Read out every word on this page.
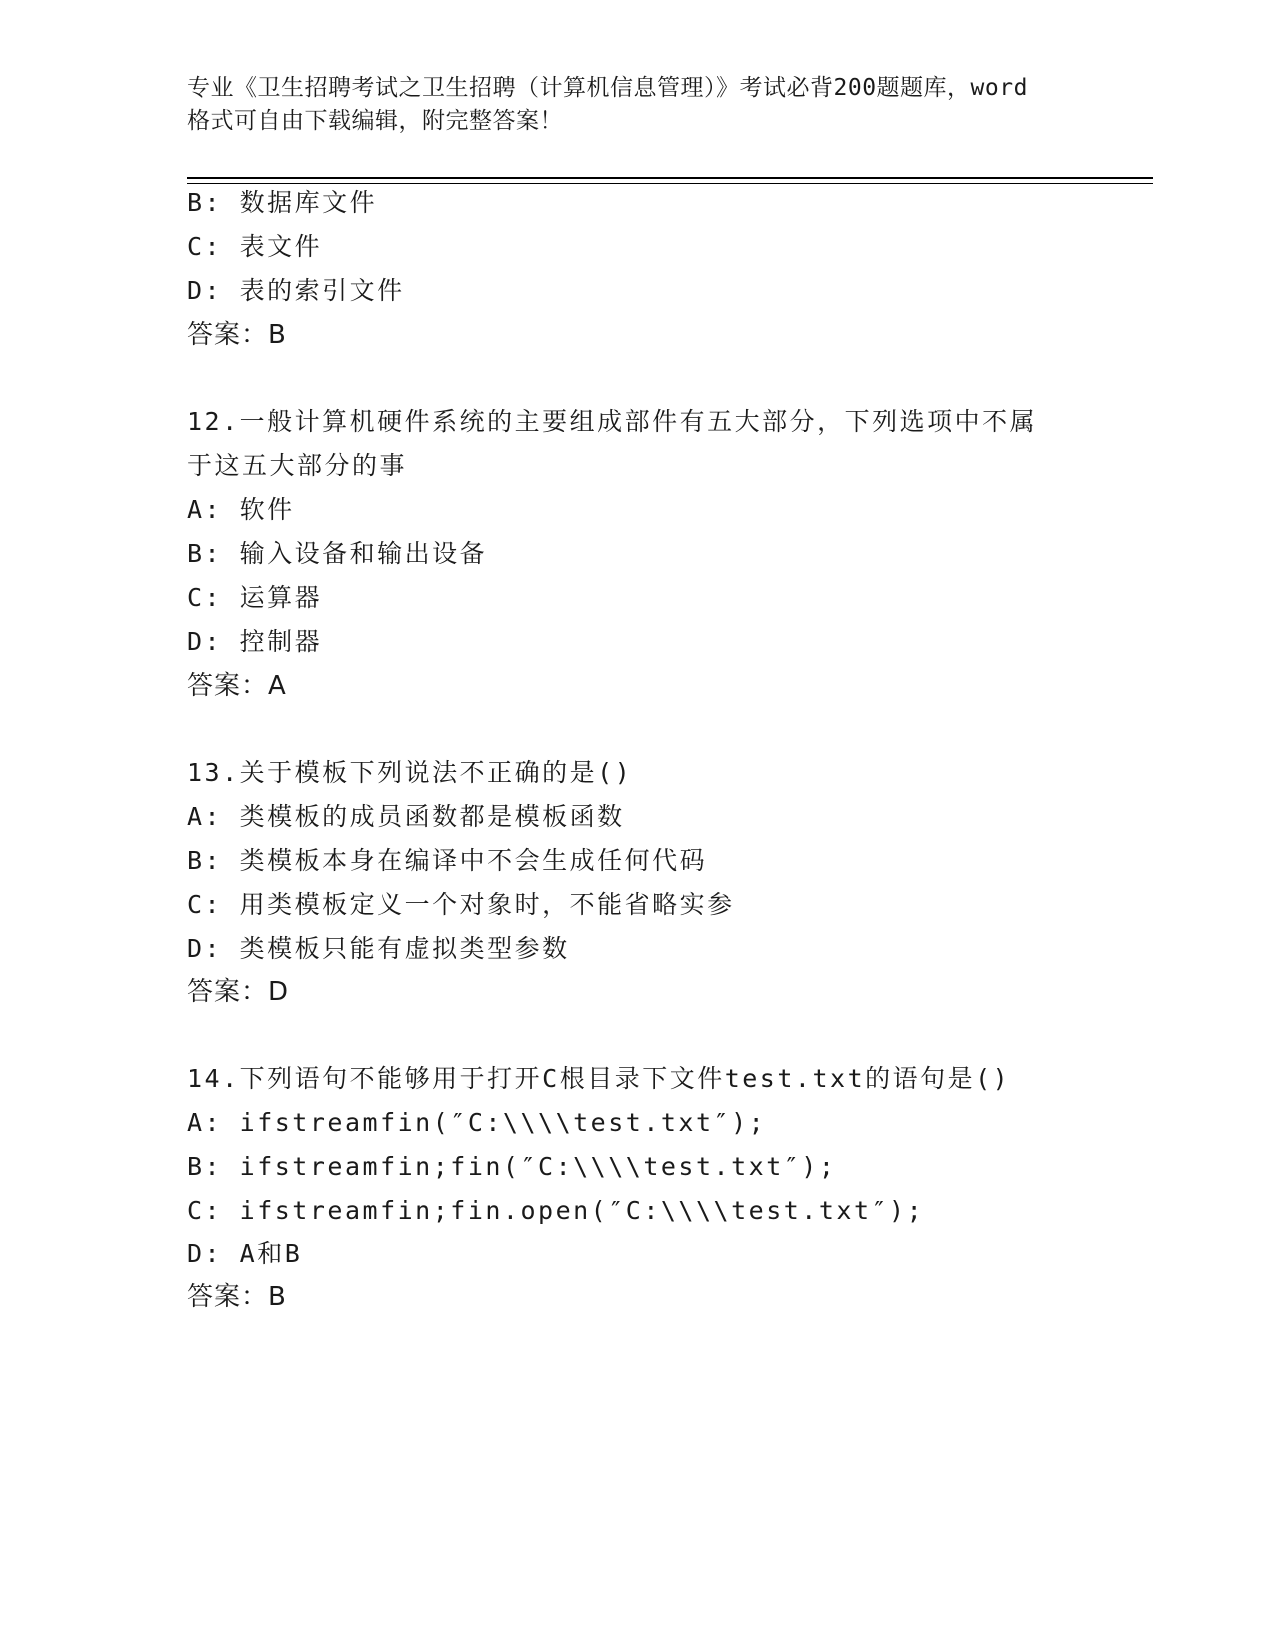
专业《卫生招聘考试之卫生招聘（计算机信息管理）》考试必背200题题库，word
格式可自由下载编辑，附完整答案！
B: 数据库文件
C: 表文件
D: 表的索引文件
答案：B
12.一般计算机硬件系统的主要组成部件有五大部分，下列选项中不属
于这五大部分的事
A: 软件
B: 输入设备和输出设备
C: 运算器
D: 控制器
答案：A
13.关于模板下列说法不正确的是()
A: 类模板的成员函数都是模板函数
B: 类模板本身在编译中不会生成任何代码
C: 用类模板定义一个对象时，不能省略实参
D: 类模板只能有虚拟类型参数
答案：D
14.下列语句不能够用于打开C根目录下文件test.txt的语句是()
A: ifstreamfin(″C:\\\\test.txt″);
B: ifstreamfin;fin(″C:\\\\test.txt″);
C: ifstreamfin;fin.open(″C:\\\\test.txt″);
D: A和B
答案：B
